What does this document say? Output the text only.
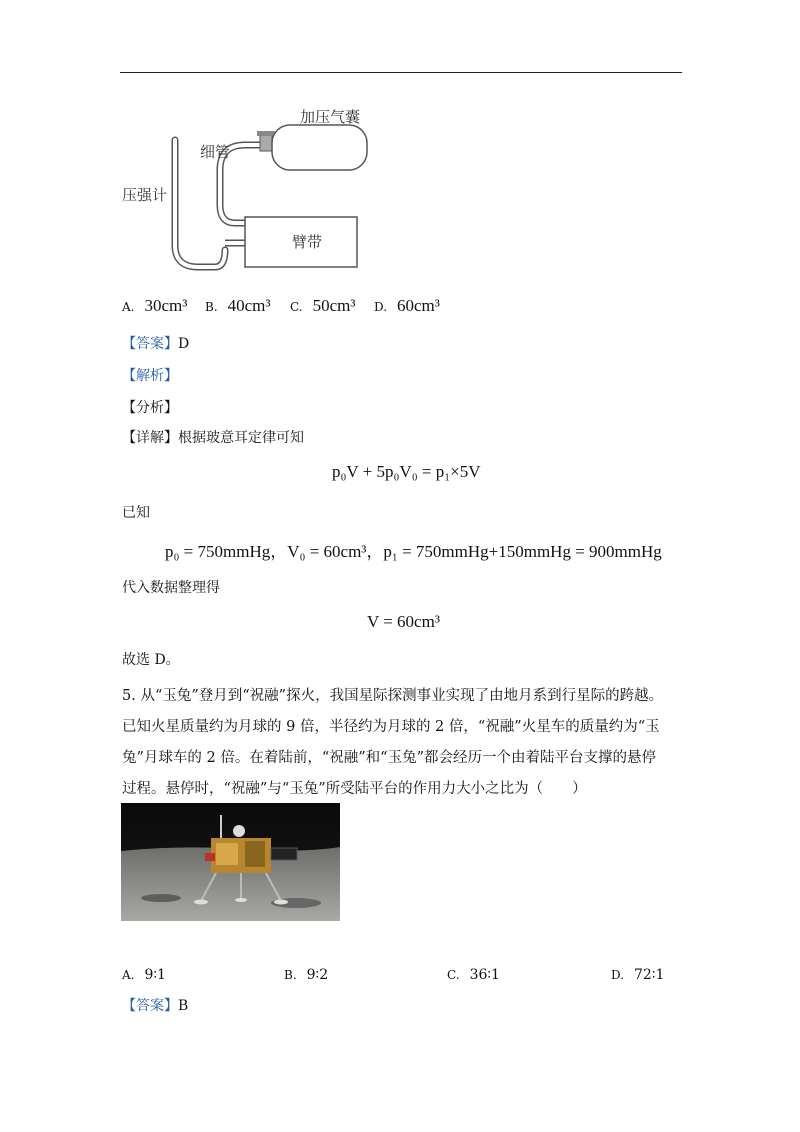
加压气囊
细管
压强计
臂带
A. 30cm³ B. 40cm³ C. 50cm³ D. 60cm³
【答案】D
【解析】
【分析】
【详解】根据玻意耳定律可知
p₀V + 5p₀V₀ = p₁×5V
已知
p₀ = 750mmHg，V₀ = 60cm³，p₁ = 750mmHg+150mmHg = 900mmHg
代入数据整理得
V = 60cm³
故选 D。
5. 从“玉兔”登月到“祝融”探火，我国星际探测事业实现了由地月系到行星际的跨越。
已知火星质量约为月球的 9 倍，半径约为月球的 2 倍，“祝融”火星车的质量约为“玉
兔”月球车的 2 倍。在着陆前，“祝融”和“玉兔”都会经历一个由着陆平台支撑的悬停
过程。悬停时，“祝融”与“玉兔”所受陆平台的作用力大小之比为（　　）
A. 9∶1	B. 9∶2	C. 36∶1	D. 72∶1
【答案】B
